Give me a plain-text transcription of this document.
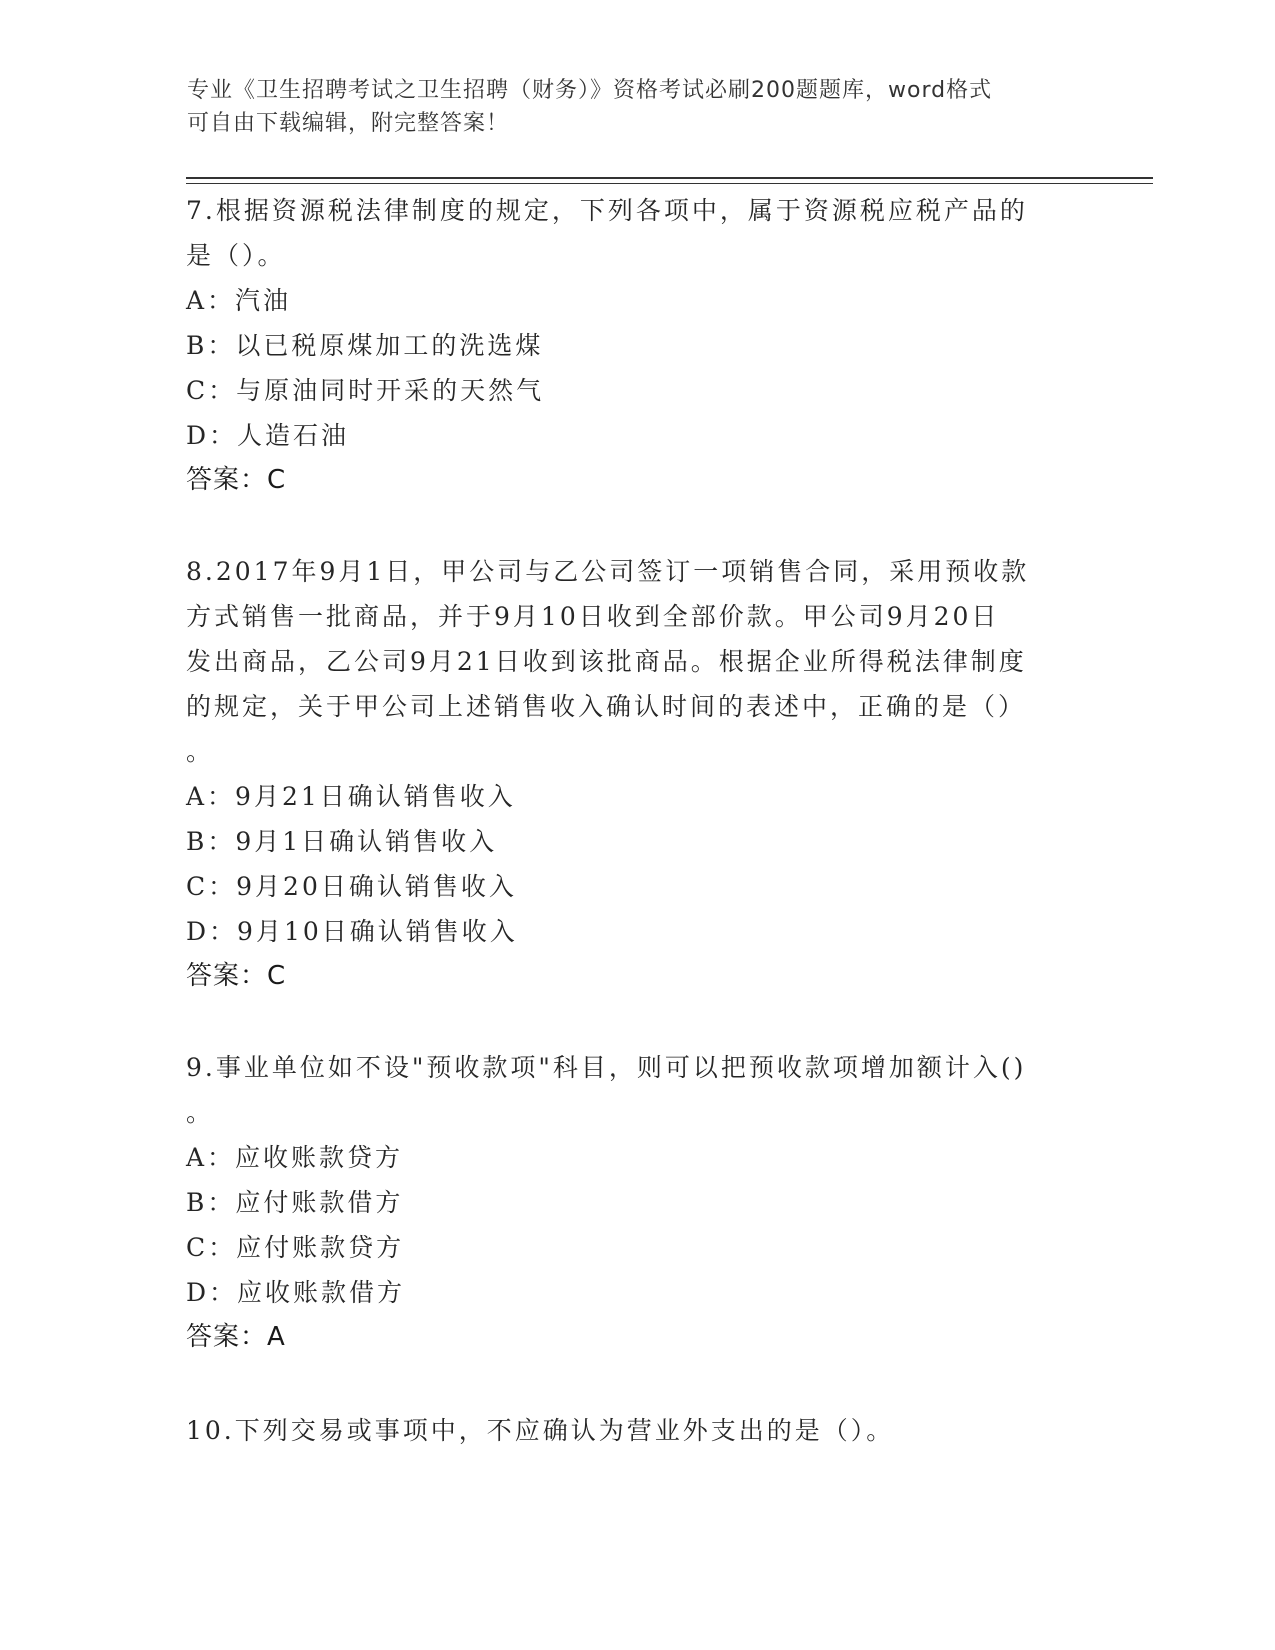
专业《卫生招聘考试之卫生招聘（财务）》资格考试必刷200题题库，word格式
可自由下载编辑，附完整答案！
7.根据资源税法律制度的规定，下列各项中，属于资源税应税产品的
是（）。
A：汽油
B：以已税原煤加工的洗选煤
C：与原油同时开采的天然气
D：人造石油
答案：C
8.2017年9月1日，甲公司与乙公司签订一项销售合同，采用预收款
方式销售一批商品，并于9月10日收到全部价款。甲公司9月20日
发出商品，乙公司9月21日收到该批商品。根据企业所得税法律制度
的规定，关于甲公司上述销售收入确认时间的表述中，正确的是（）
。
A：9月21日确认销售收入
B：9月1日确认销售收入
C：9月20日确认销售收入
D：9月10日确认销售收入
答案：C
9.事业单位如不设"预收款项"科目，则可以把预收款项增加额计入()
。
A：应收账款贷方
B：应付账款借方
C：应付账款贷方
D：应收账款借方
答案：A
10.下列交易或事项中，不应确认为营业外支出的是（）。
